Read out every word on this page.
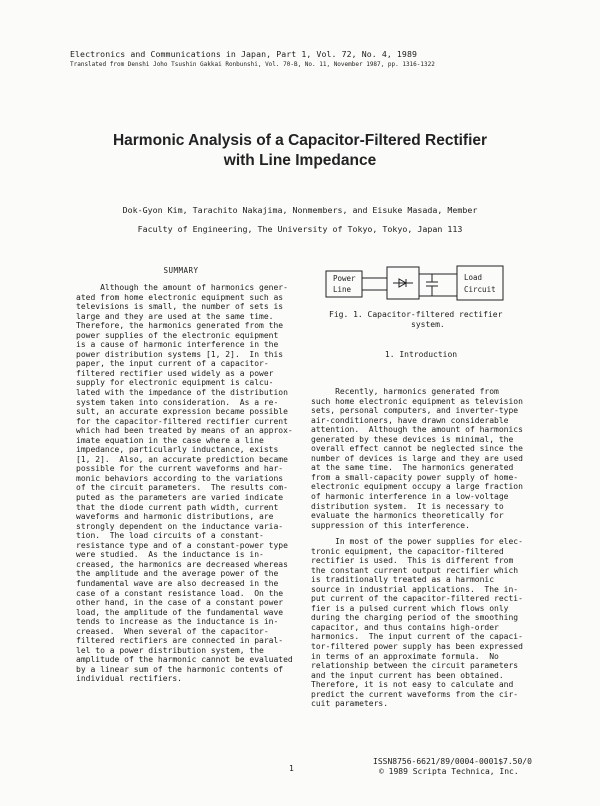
Electronics and Communications in Japan, Part 1, Vol. 72, No. 4, 1989
Translated from Denshi Joho Tsushin Gakkai Ronbunshi, Vol. 70-B, No. 11, November 1987, pp. 1316-1322
Harmonic Analysis of a Capacitor-Filtered Rectifier
with Line Impedance
Dok-Gyon Kim, Tarachito Nakajima, Nonmembers, and Eisuke Masada, Member
Faculty of Engineering, The University of Tokyo, Tokyo, Japan 113
SUMMARY

Although the amount of harmonics gener-

ated from home electronic equipment such as

televisions is small, the number of sets is

large and they are used at the same time.

Therefore, the harmonics generated from the

power supplies of the electronic equipment

is a cause of harmonic interference in the

power distribution systems [1, 2].  In this

paper, the input current of a capacitor-

filtered rectifier used widely as a power

supply for electronic equipment is calcu-

lated with the impedance of the distribution

system taken into consideration.  As a re-

sult, an accurate expression became possible

for the capacitor-filtered rectifier current

which had been treated by means of an approx-

imate equation in the case where a line

impedance, particularly inductance, exists

[1, 2].  Also, an accurate prediction became

possible for the current waveforms and har-

monic behaviors according to the variations

of the circuit parameters.  The results com-

puted as the parameters are varied indicate

that the diode current path width, current

waveforms and harmonic distributions, are

strongly dependent on the inductance varia-

tion.  The load circuits of a constant-

resistance type and of a constant-power type

were studied.  As the inductance is in-

creased, the harmonics are decreased whereas

the amplitude and the average power of the

fundamental wave are also decreased in the

case of a constant resistance load.  On the

other hand, in the case of a constant power

load, the amplitude of the fundamental wave

tends to increase as the inductance is in-

creased.  When several of the capacitor-

filtered rectifiers are connected in paral-

lel to a power distribution system, the

amplitude of the harmonic cannot be evaluated

by a linear sum of the harmonic contents of

individual rectifiers.

Power
Line
Load
Circuit
Fig. 1. Capacitor-filtered rectifier
system.
1. Introduction

Recently, harmonics generated from

such home electronic equipment as television

sets, personal computers, and inverter-type

air-conditioners, have drawn considerable

attention.  Although the amount of harmonics

generated by these devices is minimal, the

overall effect cannot be neglected since the

number of devices is large and they are used

at the same time.  The harmonics generated

from a small-capacity power supply of home-

electronic equipment occupy a large fraction

of harmonic interference in a low-voltage

distribution system.  It is necessary to

evaluate the harmonics theoretically for

suppression of this interference.

In most of the power supplies for elec-

tronic equipment, the capacitor-filtered

rectifier is used.  This is different from

the constant current output rectifier which

is traditionally treated as a harmonic

source in industrial applications.  The in-

put current of the capacitor-filtered recti-

fier is a pulsed current which flows only

during the charging period of the smoothing

capacitor, and thus contains high-order

harmonics.  The input current of the capaci-

tor-filtered power supply has been expressed

in terms of an approximate formula.  No

relationship between the circuit parameters

and the input current has been obtained.

Therefore, it is not easy to calculate and

predict the current waveforms from the cir-

cuit parameters.

1
ISSN8756-6621/89/0004-0001$7.50/0
© 1989 Scripta Technica, Inc.
